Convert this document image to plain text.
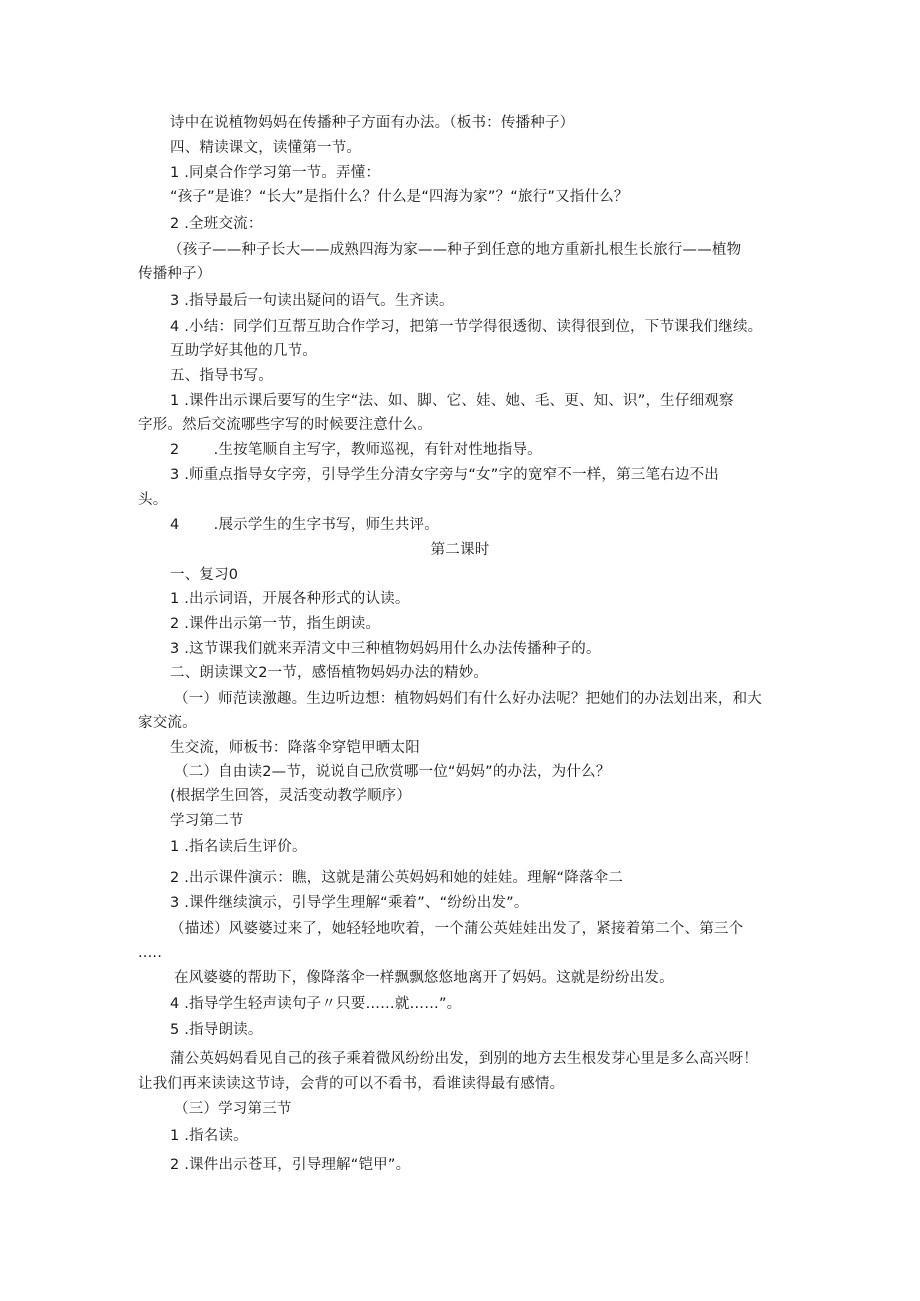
诗中在说植物妈妈在传播种子方面有办法。（板书：传播种子）
四、精读课文，读懂第一节。
1 .同桌合作学习第一节。弄懂：
“孩子”是谁？“长大”是指什么？什么是“四海为家”？“旅行”又指什么？
2 .全班交流：
（孩子——种子长大——成熟四海为家——种子到任意的地方重新扎根生长旅行——植物
传播种子）
3 .指导最后一句读出疑问的语气。生齐读。
4 .小结：同学们互帮互助合作学习，把第一节学得很透彻、读得很到位，下节课我们继续。
互助学好其他的几节。
五、指导书写。
1 .课件出示课后要写的生字“法、如、脚、它、娃、她、毛、更、知、识”，生仔细观察
字形。然后交流哪些字写的时候要注意什么。
2 　　.生按笔顺自主写字，教师巡视，有针对性地指导。
3 .师重点指导女字旁，引导学生分清女字旁与“女”字的宽窄不一样，第三笔右边不出
头。
4 　　.展示学生的生字书写，师生共评。
第二课时
一、复习0
1 .出示词语，开展各种形式的认读。
2 .课件出示第一节，指生朗读。
3 .这节课我们就来弄清文中三种植物妈妈用什么办法传播种子的。
二、朗读课文2一节，感悟植物妈妈办法的精妙。
（一）师范读激趣。生边听边想：植物妈妈们有什么好办法呢？把她们的办法划出来，和大
家交流。
生交流，师板书：降落伞穿铠甲晒太阳
（二）自由读2—节，说说自己欣赏哪一位“妈妈”的办法，为什么？
(根据学生回答，灵活变动教学顺序）
学习第二节
1 .指名读后生评价。
2 .出示课件演示：瞧，这就是蒲公英妈妈和她的娃娃。理解“降落伞二
3 .课件继续演示，引导学生理解“乘着”、“纷纷出发”。
（描述）风婆婆过来了，她轻轻地吹着，一个蒲公英娃娃出发了，紧接着第二个、第三个
.....
在风婆婆的帮助下，像降落伞一样飘飘悠悠地离开了妈妈。这就是纷纷出发。
4 .指导学生轻声读句子〃只要……就……”。
5 .指导朗读。
蒲公英妈妈看见自己的孩子乘着微风纷纷出发，到别的地方去生根发芽心里是多么高兴呀！
让我们再来读读这节诗，会背的可以不看书，看谁读得最有感情。
（三）学习第三节
1 .指名读。
2 .课件出示苍耳，引导理解“铠甲”。
